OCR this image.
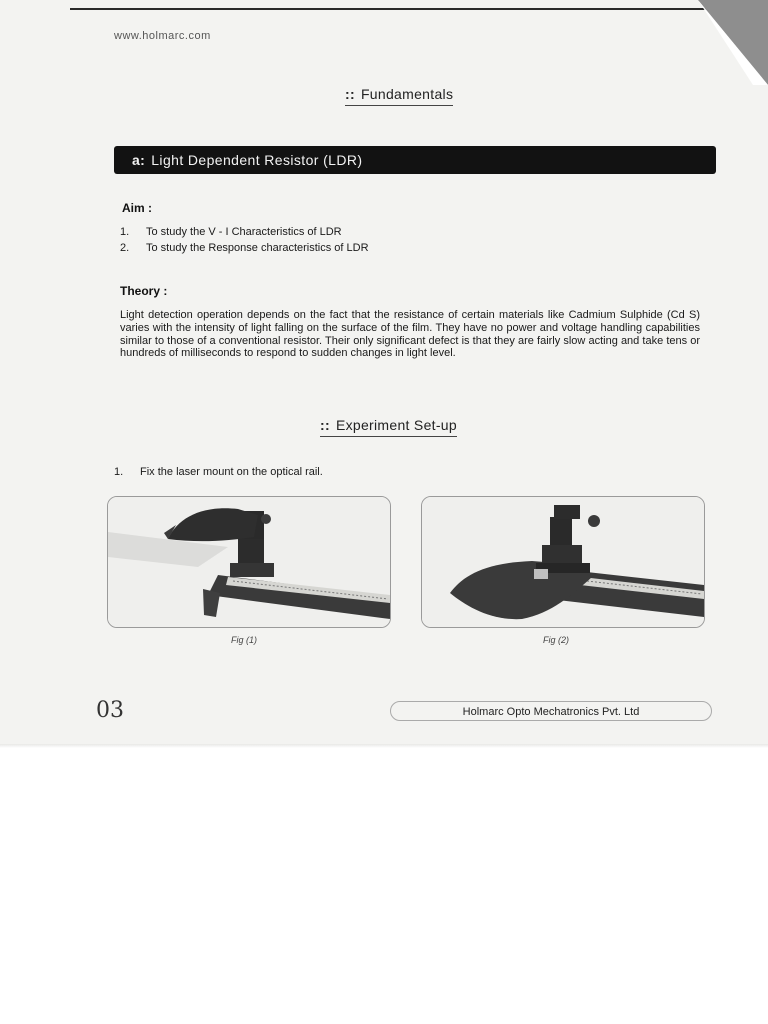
www.holmarc.com
:: Fundamentals
a: Light Dependent Resistor (LDR)
Aim :
1. To study the V - I Characteristics of LDR
2. To study the Response characteristics of LDR
Theory :
Light detection operation depends on the fact that the resistance of certain materials like Cadmium Sulphide (Cd S) varies with the intensity of light falling on the surface of the film. They have no power and voltage handling capabilities similar to those of a conventional resistor. Their only significant defect is that they are fairly slow acting and take tens or hundreds of milliseconds to respond to sudden changes in light level.
:: Experiment Set-up
1. Fix the laser mount on the optical rail.
Fig (1)	Fig (2)
03	Holmarc Opto Mechatronics Pvt. Ltd
